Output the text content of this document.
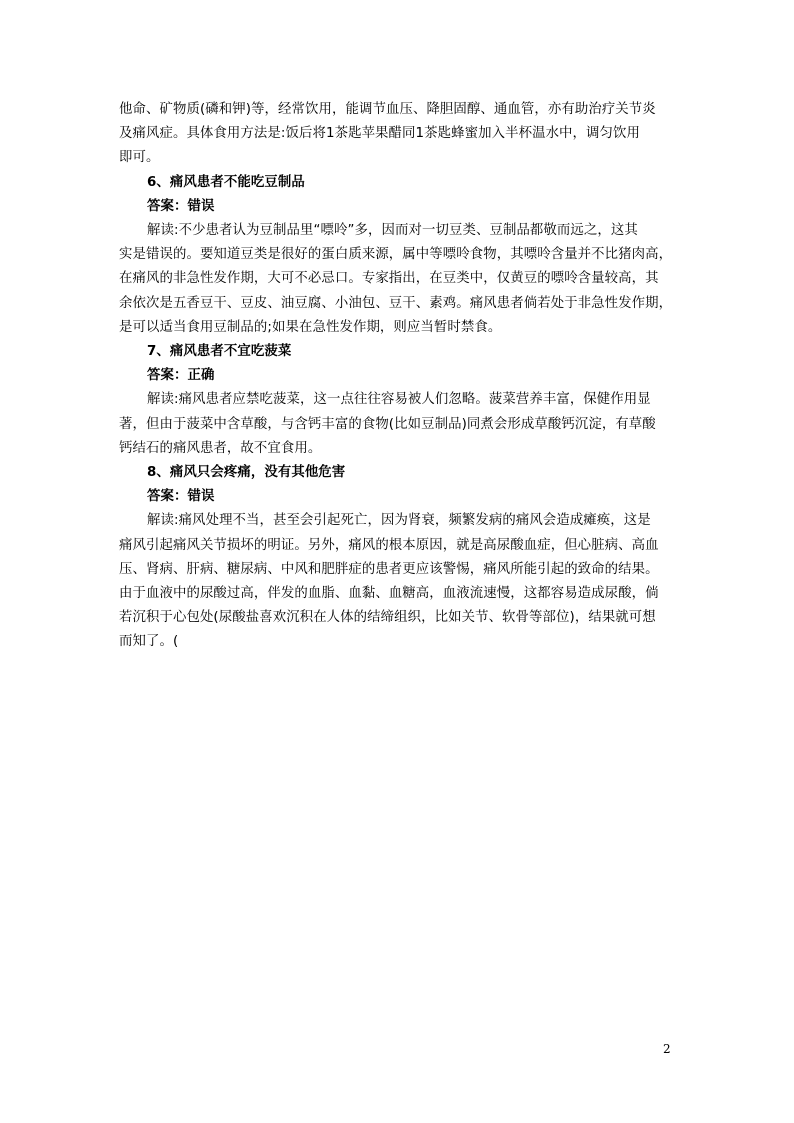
他命、矿物质(磷和钾)等，经常饮用，能调节血压、降胆固醇、通血管，亦有助治疗关节炎

及痛风症。具体食用方法是:饭后将1茶匙苹果醋同1茶匙蜂蜜加入半杯温水中，调匀饮用

即可。

6、痛风患者不能吃豆制品

答案：错误

解读:不少患者认为豆制品里“嘌呤”多，因而对一切豆类、豆制品都敬而远之，这其

实是错误的。要知道豆类是很好的蛋白质来源，属中等嘌呤食物，其嘌呤含量并不比猪肉高，

在痛风的非急性发作期，大可不必忌口。专家指出，在豆类中，仅黄豆的嘌呤含量较高，其

余依次是五香豆干、豆皮、油豆腐、小油包、豆干、素鸡。痛风患者倘若处于非急性发作期，

是可以适当食用豆制品的;如果在急性发作期，则应当暂时禁食。

7、痛风患者不宜吃菠菜

答案：正确

解读:痛风患者应禁吃菠菜，这一点往往容易被人们忽略。菠菜营养丰富，保健作用显

著，但由于菠菜中含草酸，与含钙丰富的食物(比如豆制品)同煮会形成草酸钙沉淀，有草酸

钙结石的痛风患者，故不宜食用。

8、痛风只会疼痛，没有其他危害

答案：错误

解读:痛风处理不当，甚至会引起死亡，因为肾衰，频繁发病的痛风会造成瘫痪，这是

痛风引起痛风关节损坏的明证。另外，痛风的根本原因，就是高尿酸血症，但心脏病、高血

压、肾病、肝病、糖尿病、中风和肥胖症的患者更应该警惕，痛风所能引起的致命的结果。

由于血液中的尿酸过高，伴发的血脂、血黏、血糖高，血液流速慢，这都容易造成尿酸，倘

若沉积于心包处(尿酸盐喜欢沉积在人体的结缔组织，比如关节、软骨等部位)，结果就可想

而知了。(

2
